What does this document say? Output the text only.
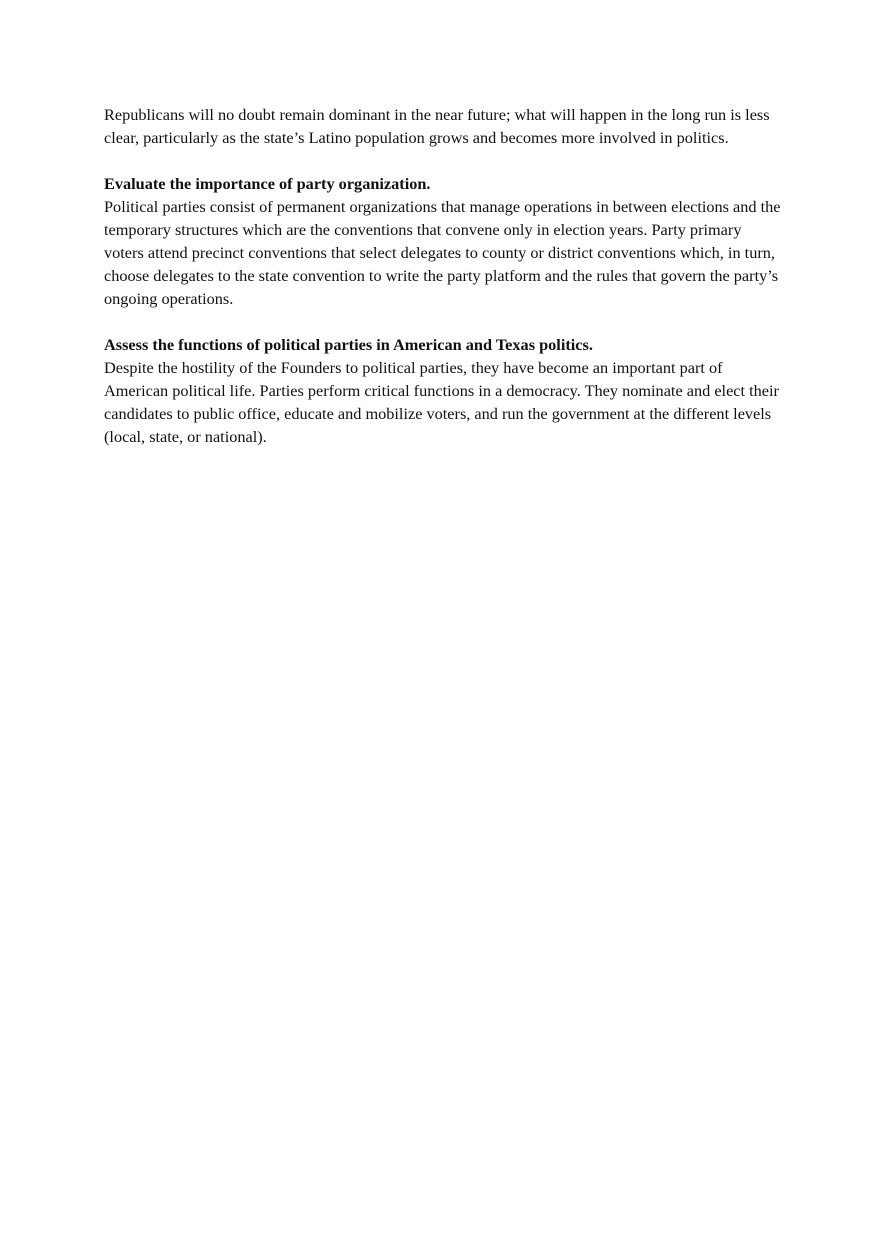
Republicans will no doubt remain dominant in the near future; what will happen in the long run is less clear, particularly as the state’s Latino population grows and becomes more involved in politics.

Evaluate the importance of party organization.

Political parties consist of permanent organizations that manage operations in between elections and the temporary structures which are the conventions that convene only in election years. Party primary voters attend precinct conventions that select delegates to county or district conventions which, in turn, choose delegates to the state convention to write the party platform and the rules that govern the party’s ongoing operations.

Assess the functions of political parties in American and Texas politics.

Despite the hostility of the Founders to political parties, they have become an important part of American political life. Parties perform critical functions in a democracy. They nominate and elect their candidates to public office, educate and mobilize voters, and run the government at the different levels (local, state, or national).
